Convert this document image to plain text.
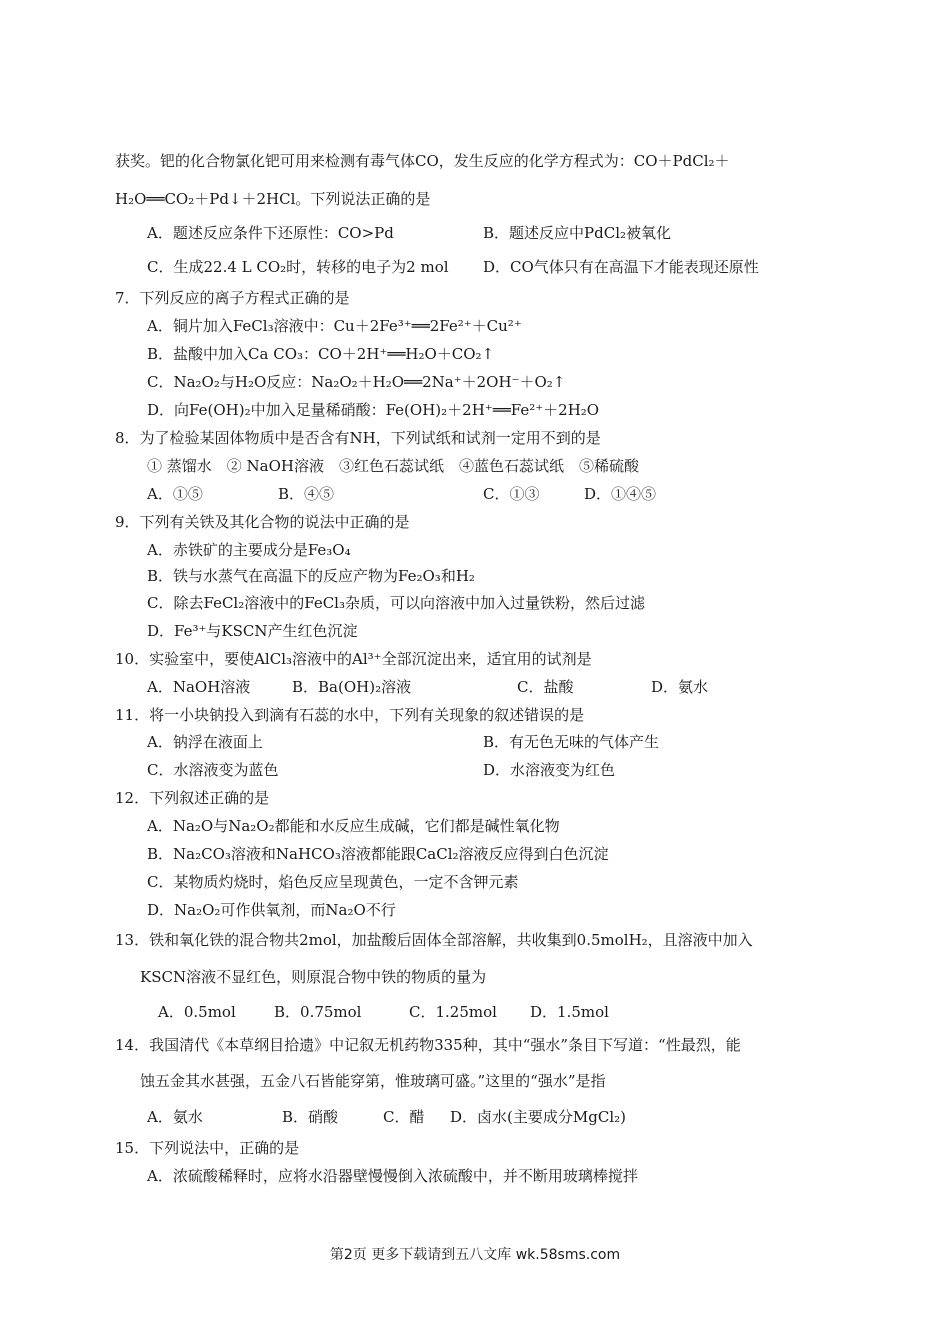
获奖。钯的化合物氯化钯可用来检测有毒气体CO，发生反应的化学方程式为：CO＋PdCl₂＋
H₂O══CO₂＋Pd↓＋2HCl。下列说法正确的是
A．题述反应条件下还原性：CO>Pd	B．题述反应中PdCl₂被氧化
C．生成22.4 L CO₂时，转移的电子为2 mol D．CO气体只有在高温下才能表现还原性
7．下列反应的离子方程式正确的是
A．铜片加入FeCl₃溶液中：Cu＋2Fe³⁺══2Fe²⁺＋Cu²⁺
B．盐酸中加入Ca CO₃：CO＋2H⁺══H₂O＋CO₂↑
C．Na₂O₂与H₂O反应：Na₂O₂＋H₂O══2Na⁺＋2OH⁻＋O₂↑
D．向Fe(OH)₂中加入足量稀硝酸：Fe(OH)₂＋2H⁺══Fe²⁺＋2H₂O
8．为了检验某固体物质中是否含有NH，下列试纸和试剂一定用不到的是
① 蒸馏水　② NaOH溶液　③红色石蕊试纸　④蓝色石蕊试纸　⑤稀硫酸
A．①⑤	B．④⑤	C．①③	D．①④⑤
9．下列有关铁及其化合物的说法中正确的是
A．赤铁矿的主要成分是Fe₃O₄
B．铁与水蒸气在高温下的反应产物为Fe₂O₃和H₂
C．除去FeCl₂溶液中的FeCl₃杂质，可以向溶液中加入过量铁粉，然后过滤
D．Fe³⁺与KSCN产生红色沉淀
10．实验室中，要使AlCl₃溶液中的Al³⁺全部沉淀出来，适宜用的试剂是
A．NaOH溶液	B．Ba(OH)₂溶液	C．盐酸	D．氨水
11．将一小块钠投入到滴有石蕊的水中，下列有关现象的叙述错误的是
A．钠浮在液面上	B．有无色无味的气体产生
C．水溶液变为蓝色	D．水溶液变为红色
12．下列叙述正确的是
A．Na₂O与Na₂O₂都能和水反应生成碱，它们都是碱性氧化物
B．Na₂CO₃溶液和NaHCO₃溶液都能跟CaCl₂溶液反应得到白色沉淀
C．某物质灼烧时，焰色反应呈现黄色，一定不含钾元素
D．Na₂O₂可作供氧剂，而Na₂O不行
13．铁和氧化铁的混合物共2mol，加盐酸后固体全部溶解，共收集到0.5molH₂，且溶液中加入
KSCN溶液不显红色，则原混合物中铁的物质的量为
A．0.5mol	B．0.75mol	C．1.25mol D．1.5mol
14．我国清代《本草纲目拾遗》中记叙无机药物335种，其中“强水”条目下写道：“性最烈，能
蚀五金其水甚强，五金八石皆能穿第，惟玻璃可盛。”这里的“强水”是指
A．氨水	B．硝酸	C．醋 D．卤水(主要成分MgCl₂)
15．下列说法中，正确的是
A．浓硫酸稀释时，应将水沿器壁慢慢倒入浓硫酸中，并不断用玻璃棒搅拌
第2页 更多下载请到五八文库 wk.58sms.com
